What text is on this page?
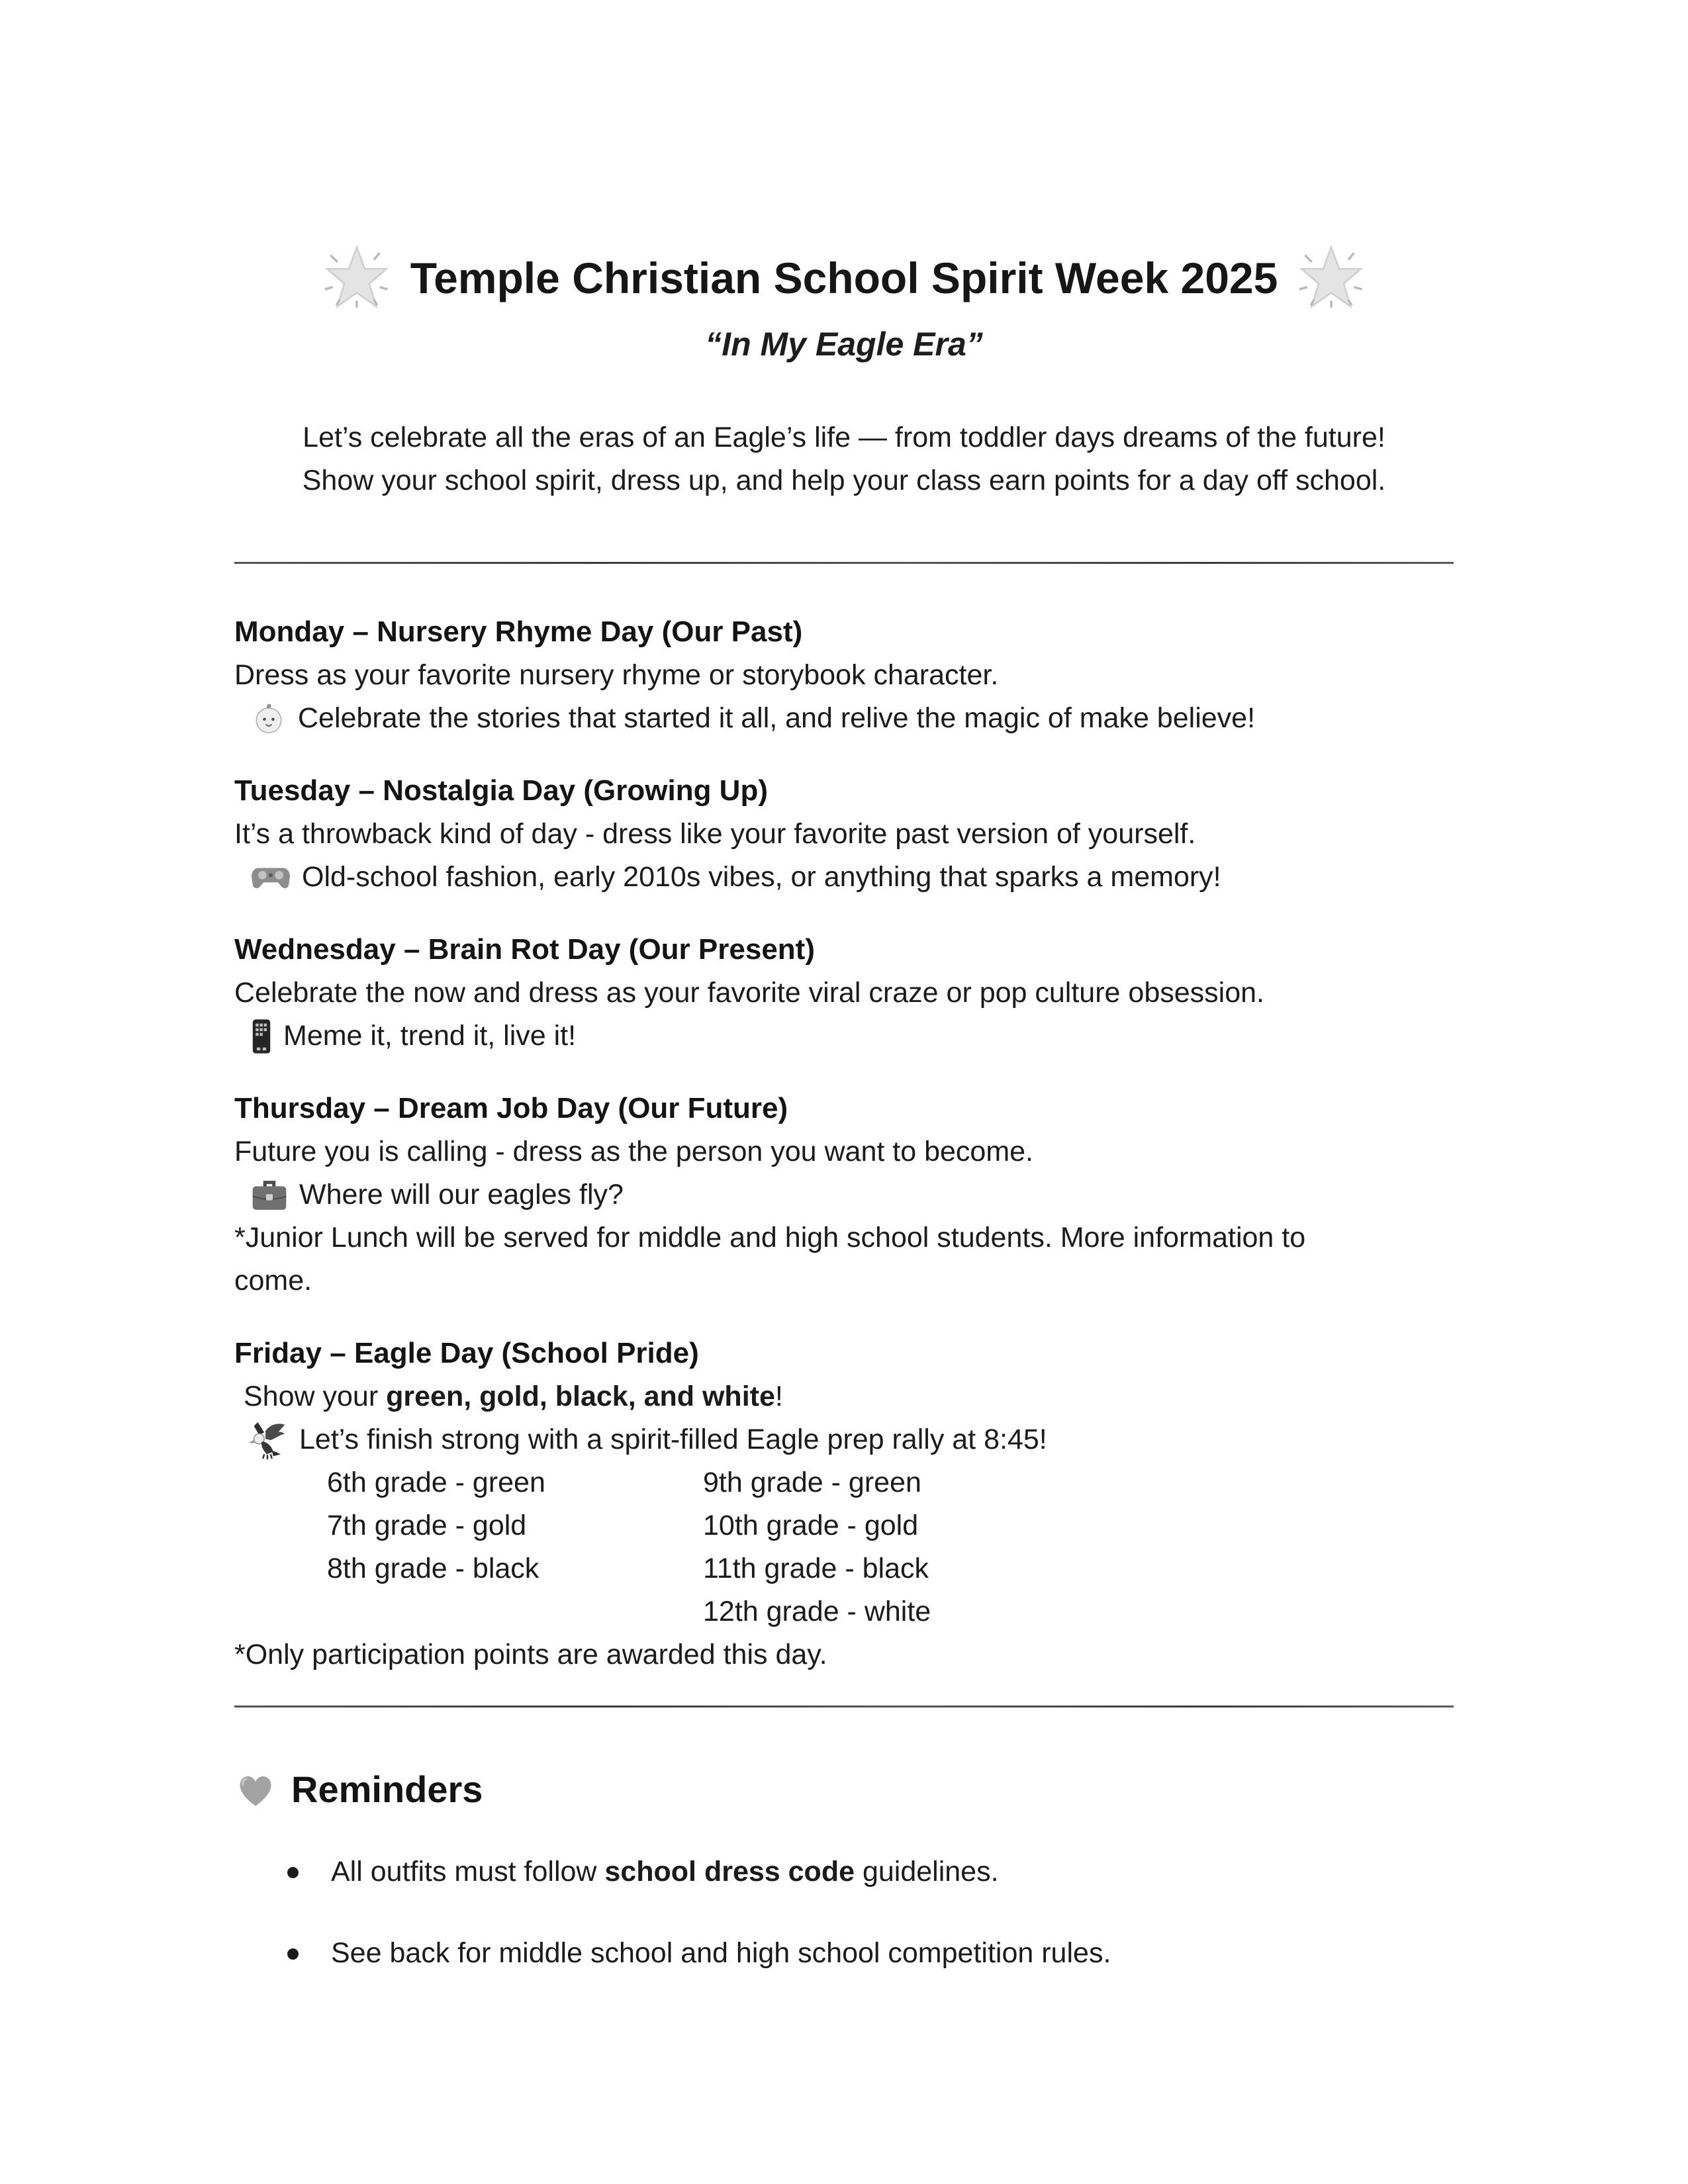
Temple Christian School Spirit Week 2025
“In My Eagle Era”
Let’s celebrate all the eras of an Eagle’s life — from toddler days dreams of the future!
Show your school spirit, dress up, and help your class earn points for a day off school.
Monday – Nursery Rhyme Day (Our Past)
Dress as your favorite nursery rhyme or storybook character.
Celebrate the stories that started it all, and relive the magic of make believe!
Tuesday – Nostalgia Day (Growing Up)
It’s a throwback kind of day - dress like your favorite past version of yourself.
Old-school fashion, early 2010s vibes, or anything that sparks a memory!
Wednesday – Brain Rot Day (Our Present)
Celebrate the now and dress as your favorite viral craze or pop culture obsession.
Meme it, trend it, live it!
Thursday – Dream Job Day (Our Future)
Future you is calling - dress as the person you want to become.
Where will our eagles fly?
*Junior Lunch will be served for middle and high school students. More information to
come.
Friday – Eagle Day (School Pride)
Show your green, gold, black, and white!
Let’s finish strong with a spirit-filled Eagle prep rally at 8:45!
6th grade - green
7th grade - gold
8th grade - black
9th grade - green
10th grade - gold
11th grade - black
12th grade - white
*Only participation points are awarded this day.
Reminders
All outfits must follow school dress code guidelines.
See back for middle school and high school competition rules.
